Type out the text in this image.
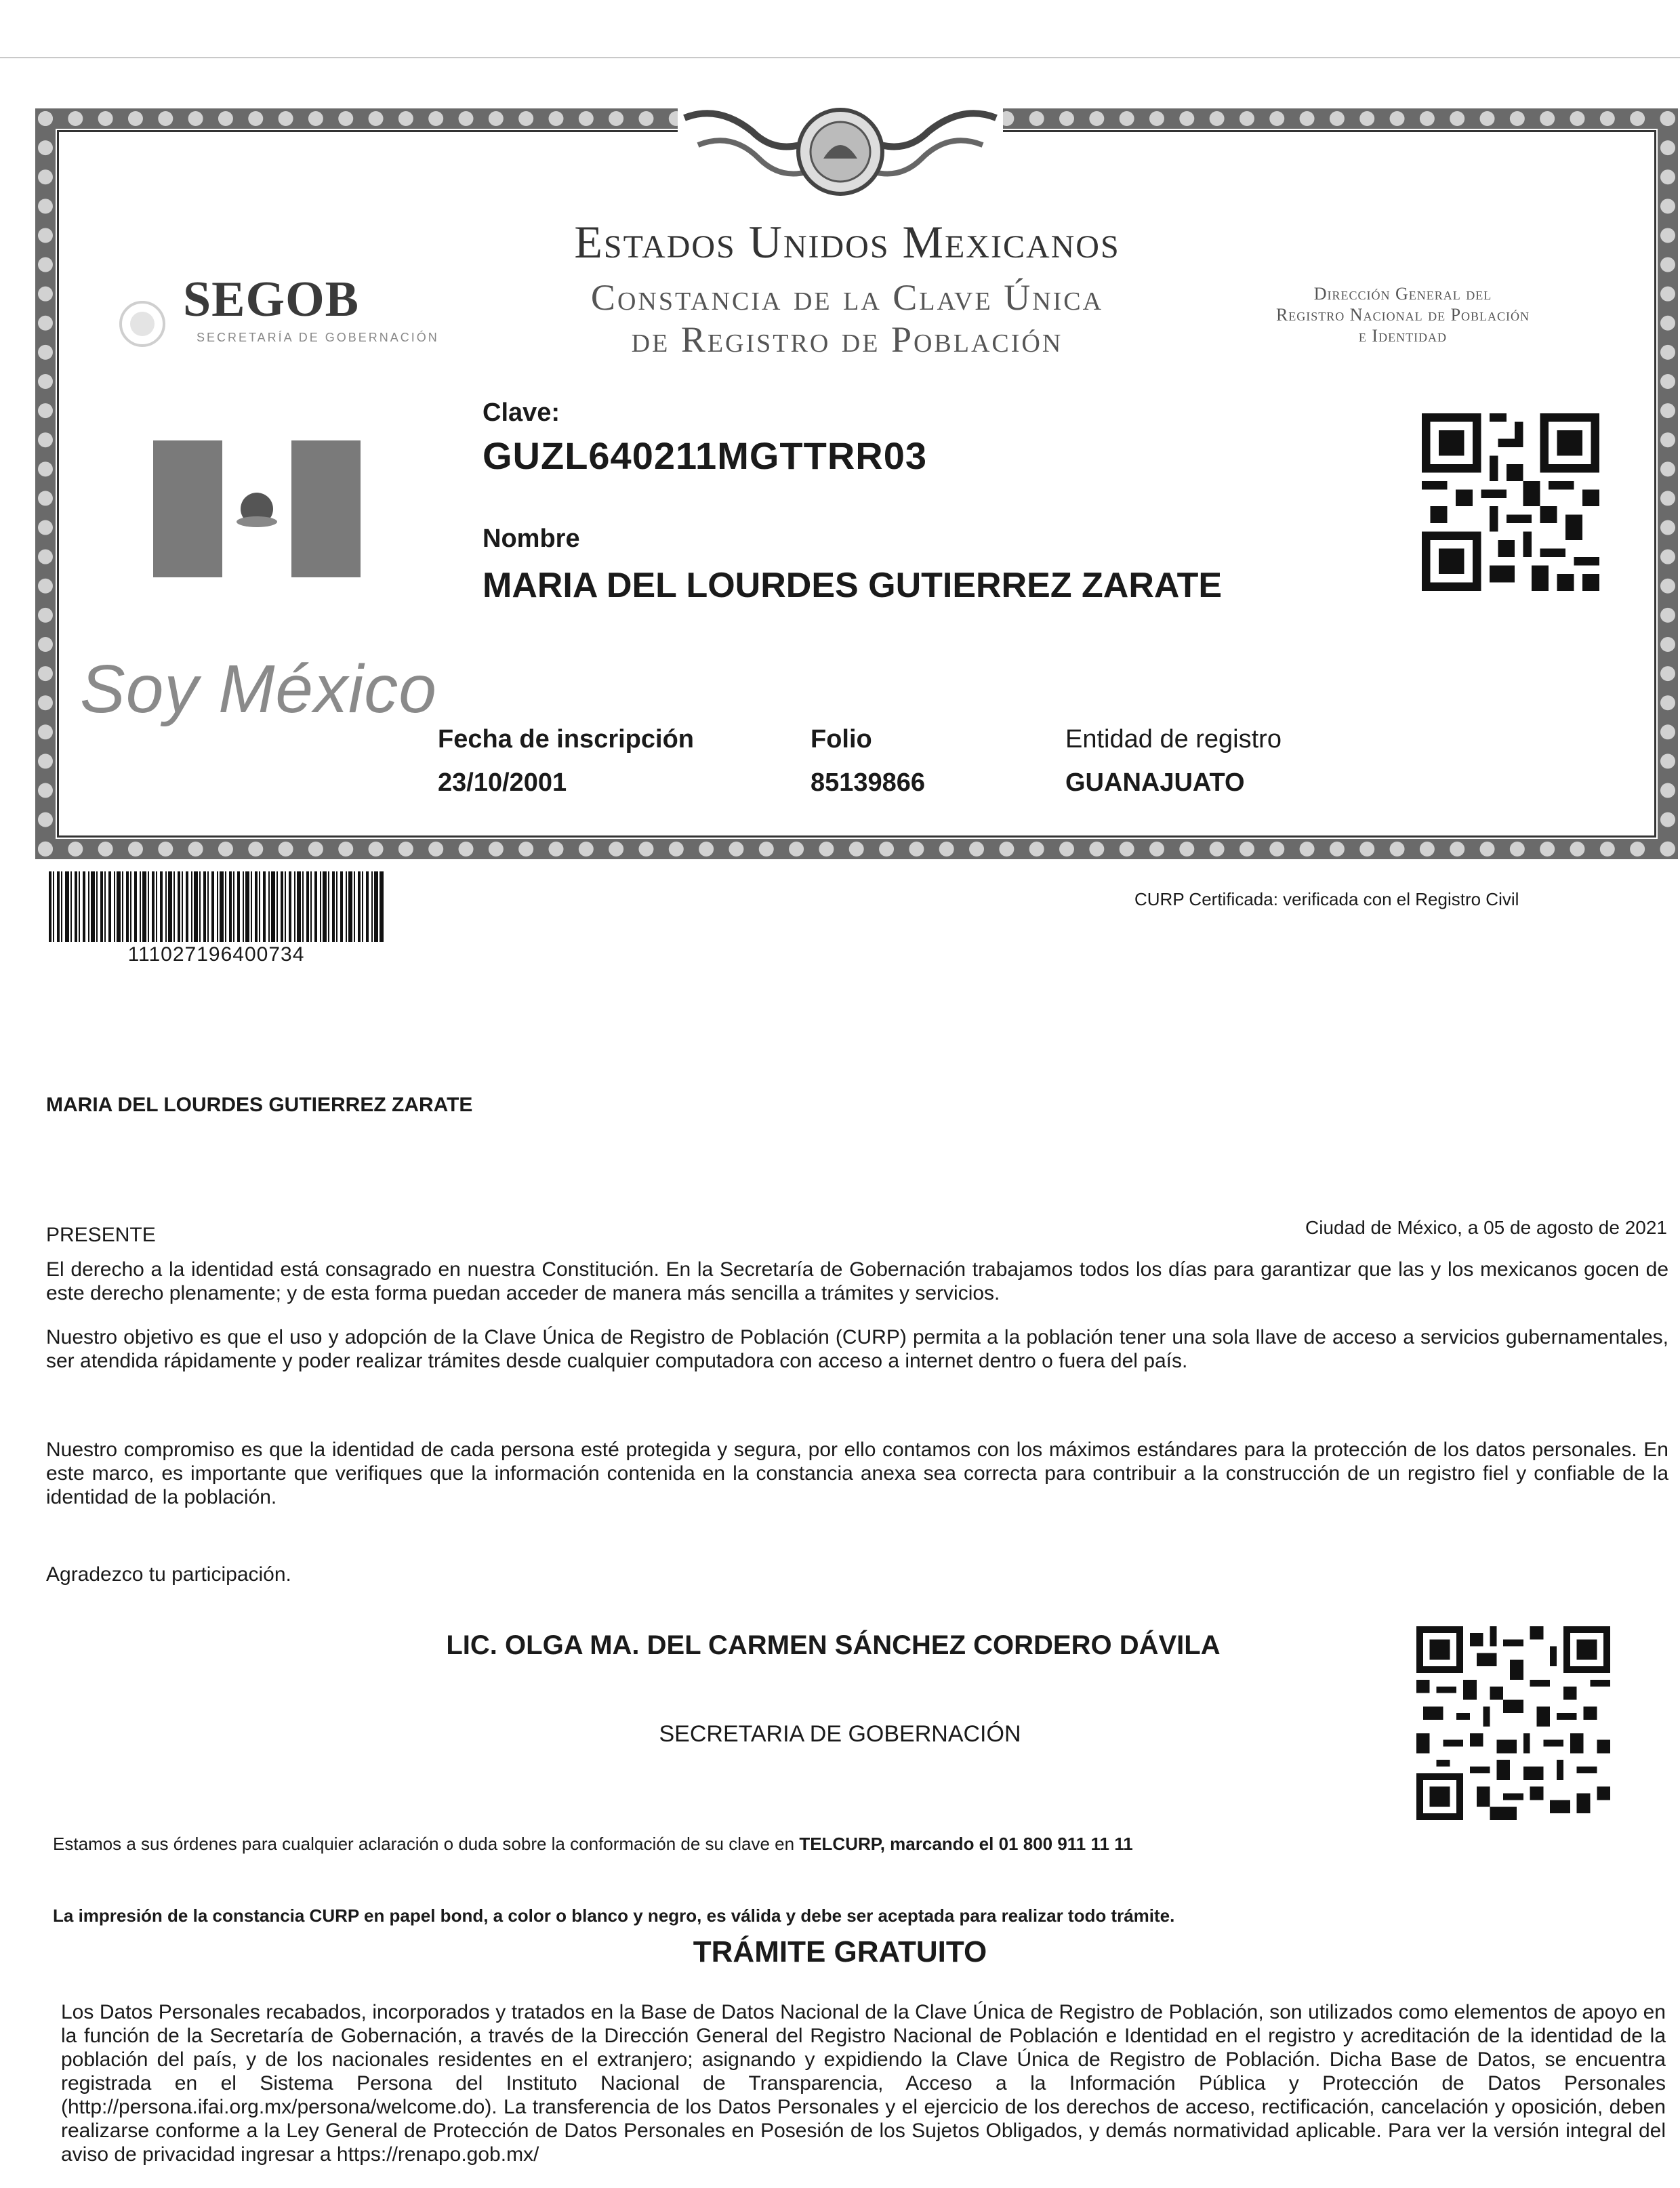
Estados Unidos Mexicanos
Constancia de la Clave Única
de Registro de Población
SEGOB
SECRETARÍA DE GOBERNACIÓN
Dirección General del
Registro Nacional de Población
e Identidad
Clave:
GUZL640211MGTTRR03
Nombre
MARIA DEL LOURDES GUTIERREZ ZARATE
Soy México
Fecha de inscripción
23/10/2001
Folio
85139866
Entidad de registro
GUANAJUATO
111027196400734
CURP Certificada: verificada con el Registro Civil
MARIA DEL LOURDES GUTIERREZ ZARATE
PRESENTE	Ciudad de México, a 05 de agosto de 2021
El derecho a la identidad está consagrado en nuestra Constitución. En la Secretaría de Gobernación trabajamos todos los días para garantizar que las y los mexicanos gocen de este derecho plenamente; y de esta forma puedan acceder de manera más sencilla a trámites y servicios.
Nuestro objetivo es que el uso y adopción de la Clave Única de Registro de Población (CURP) permita a la población tener una sola llave de acceso a servicios gubernamentales, ser atendida rápidamente y poder realizar trámites desde cualquier computadora con acceso a internet dentro o fuera del país.
Nuestro compromiso es que la identidad de cada persona esté protegida y segura, por ello contamos con los máximos estándares para la protección de los datos personales. En este marco, es importante que verifiques que la información contenida en la constancia anexa sea correcta para contribuir a la construcción de un registro fiel y confiable de la identidad de la población.
Agradezco tu participación.
LIC. OLGA MA. DEL CARMEN SÁNCHEZ CORDERO DÁVILA
SECRETARIA DE GOBERNACIÓN
Estamos a sus órdenes para cualquier aclaración o duda sobre la conformación de su clave en TELCURP, marcando el 01 800 911 11 11
La impresión de la constancia CURP en papel bond, a color o blanco y negro, es válida y debe ser aceptada para realizar todo trámite.
TRÁMITE GRATUITO
Los Datos Personales recabados, incorporados y tratados en la Base de Datos Nacional de la Clave Única de Registro de Población, son utilizados como elementos de apoyo en la función de la Secretaría de Gobernación, a través de la Dirección General del Registro Nacional de Población e Identidad en el registro y acreditación de la identidad de la población del país, y de los nacionales residentes en el extranjero; asignando y expidiendo la Clave Única de Registro de Población. Dicha Base de Datos, se encuentra registrada en el Sistema Persona del Instituto Nacional de Transparencia, Acceso a la Información Pública y Protección de Datos Personales (http://persona.ifai.org.mx/persona/welcome.do). La transferencia de los Datos Personales y el ejercicio de los derechos de acceso, rectificación, cancelación y oposición, deben realizarse conforme a la Ley General de Protección de Datos Personales en Posesión de los Sujetos Obligados, y demás normatividad aplicable. Para ver la versión integral del aviso de privacidad ingresar a https://renapo.gob.mx/
